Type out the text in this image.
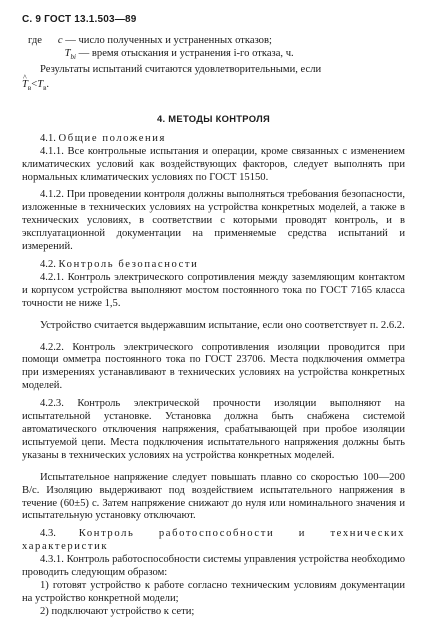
С. 9 ГОСТ 13.1.503—89

где c — число полученных и устраненных отказов;

$T_{bi}$ — время отыскания и устранения i-го отказа, ч.

Результаты испытаний считаются удовлетворительными, если

^ $T_в<T_в$.

4. МЕТОДЫ КОНТРОЛЯ

4.1. Общие положения

4.1.1. Все контрольные испытания и операции, кроме связанных с изменением климатических условий как воздействующих факторов, следует выполнять при нормальных климатических условиях по ГОСТ 15150.

4.1.2. При проведении контроля должны выполняться требования безопасности, изложенные в технических условиях на устройства конкретных моделей, а также в технических условиях, в соответствии с которыми проводят контроль, и в эксплуатационной документации на применяемые средства испытаний и измерений.

4.2. Контроль безопасности

4.2.1. Контроль электрического сопротивления между заземляющим контактом и корпусом устройства выполняют мостом постоянного тока по ГОСТ 7165 класса точности не ниже 1,5.

Устройство считается выдержавшим испытание, если оно соответствует п. 2.6.2.

4.2.2. Контроль электрического сопротивления изоляции проводится при помощи омметра постоянного тока по ГОСТ 23706. Места подключения омметра при измерениях устанавливают в технических условиях на устройства конкретных моделей.

4.2.3. Контроль электрической прочности изоляции выполняют на испытательной установке. Установка должна быть снабжена системой автоматического отключения напряжения, срабатывающей при пробое изоляции испытуемой цепи. Места подключения испытательного напряжения должны быть указаны в технических условиях на устройства конкретных моделей.

Испытательное напряжение следует повышать плавно со скоростью 100—200 В/с. Изоляцию выдерживают под воздействием испытательного напряжения в течение (60±5) с. Затем напряжение снижают до нуля или номинального значения и испытательную установку отключают.

4.3. Контроль работоспособности и технических характеристик

4.3.1. Контроль работоспособности системы управления устройства необходимо проводить следующим образом:

1) готовят устройство к работе согласно техническим условиям документации на устройство конкретной модели;

2) подключают устройство к сети;
